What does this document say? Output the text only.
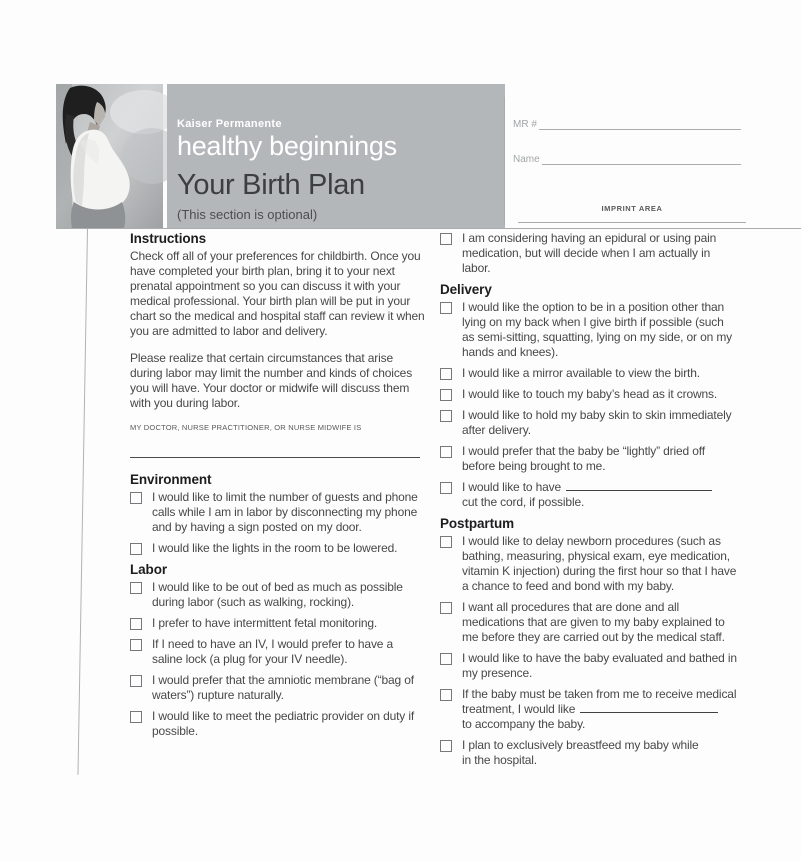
Kaiser Permanente
healthy beginnings
Your Birth Plan
(This section is optional)
MR #
Name
IMPRINT AREA
Instructions
Check off all of your preferences for childbirth. Once you have completed your birth plan, bring it to your next prenatal appointment so you can discuss it with your medical professional. Your birth plan will be put in your chart so the medical and hospital staff can review it when you are admitted to labor and delivery.
Please realize that certain circumstances that arise during labor may limit the number and kinds of choices you will have. Your doctor or midwife will discuss them with you during labor.
MY DOCTOR, NURSE PRACTITIONER, OR NURSE MIDWIFE IS
Environment
I would like to limit the number of guests and phone calls while I am in labor by disconnecting my phone and by having a sign posted on my door.
I would like the lights in the room to be lowered.
Labor
I would like to be out of bed as much as possible during labor (such as walking, rocking).
I prefer to have intermittent fetal monitoring.
If I need to have an IV, I would prefer to have a saline lock (a plug for your IV needle).
I would prefer that the amniotic membrane (“bag of waters”) rupture naturally.
I would like to meet the pediatric provider on duty if possible.
I am considering having an epidural or using pain medication, but will decide when I am actually in labor.
Delivery
I would like the option to be in a position other than lying on my back when I give birth if possible (such as semi-sitting, squatting, lying on my side, or on my hands and knees).
I would like a mirror available to view the birth.
I would like to touch my baby’s head as it crowns.
I would like to hold my baby skin to skin immediately after delivery.
I would prefer that the baby be “lightly” dried off before being brought to me.
I would like to have
cut the cord, if possible.
Postpartum
I would like to delay newborn procedures (such as bathing, measuring, physical exam, eye medication, vitamin K injection) during the first hour so that I have a chance to feed and bond with my baby.
I want all procedures that are done and all medications that are given to my baby explained to me before they are carried out by the medical staff.
I would like to have the baby evaluated and bathed in my presence.
If the baby must be taken from me to receive medical treatment, I would like
to accompany the baby.
I plan to exclusively breastfeed my baby while
in the hospital.
